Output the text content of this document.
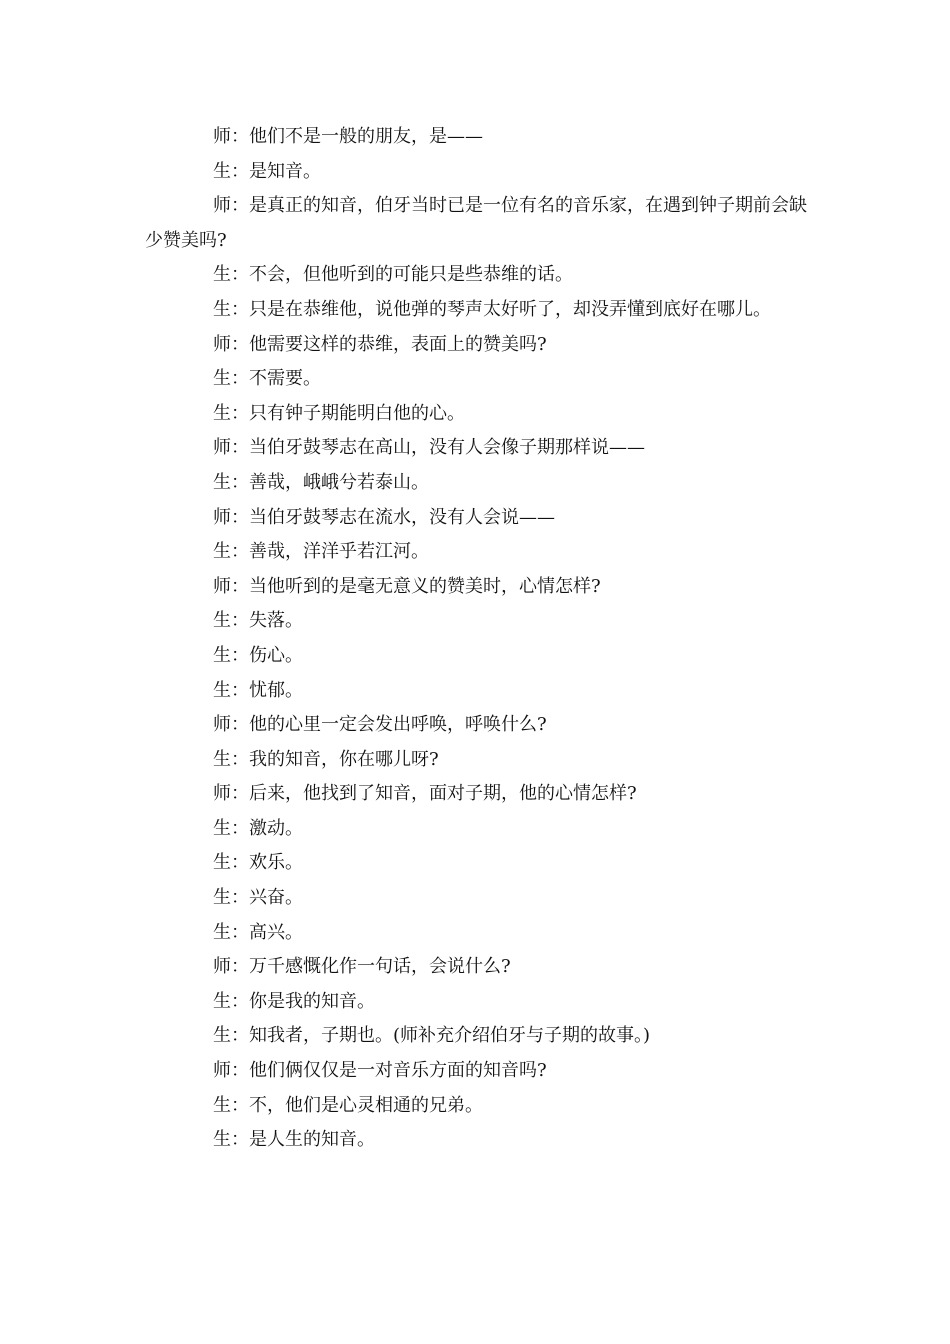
师：他们不是一般的朋友，是——

生：是知音。

师：是真正的知音，伯牙当时已是一位有名的音乐家，在遇到钟子期前会缺少赞美吗?

生：不会，但他听到的可能只是些恭维的话。

生：只是在恭维他，说他弹的琴声太好听了，却没弄懂到底好在哪儿。

师：他需要这样的恭维，表面上的赞美吗?

生：不需要。

生：只有钟子期能明白他的心。

师：当伯牙鼓琴志在高山，没有人会像子期那样说——

生：善哉，峨峨兮若泰山。

师：当伯牙鼓琴志在流水，没有人会说——

生：善哉，洋洋乎若江河。

师：当他听到的是毫无意义的赞美时，心情怎样?

生：失落。

生：伤心。

生：忧郁。

师：他的心里一定会发出呼唤，呼唤什么?

生：我的知音，你在哪儿呀?

师：后来，他找到了知音，面对子期，他的心情怎样?

生：激动。

生：欢乐。

生：兴奋。

生：高兴。

师：万千感慨化作一句话，会说什么?

生：你是我的知音。

生：知我者，子期也。(师补充介绍伯牙与子期的故事。)

师：他们俩仅仅是一对音乐方面的知音吗?

生：不，他们是心灵相通的兄弟。

生：是人生的知音。
